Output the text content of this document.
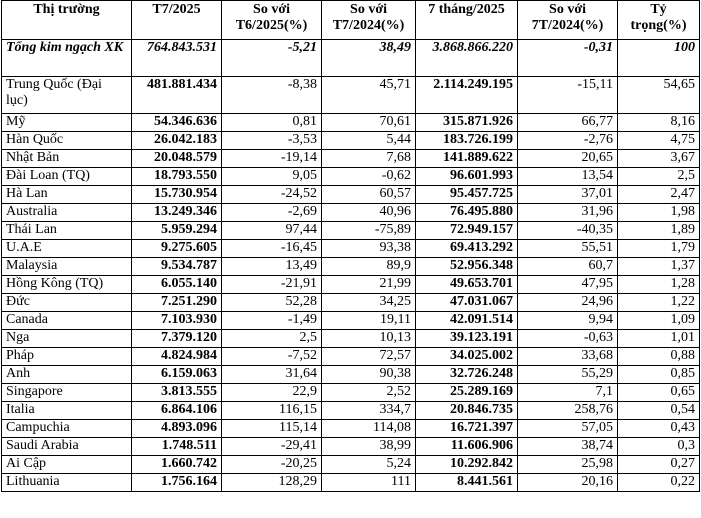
Thị trường	T7/2025	So với T6/2025(%)	So với T7/2024(%)	7 tháng/2025	So với 7T/2024(%)	Tỷ trọng(%)
Tổng kim ngạch XK	764.843.531	-5,21	38,49	3.868.866.220	-0,31	100
Trung Quốc (Đại lục)	481.881.434	-8,38	45,71	2.114.249.195	-15,11	54,65
Mỹ	54.346.636	0,81	70,61	315.871.926	66,77	8,16
Hàn Quốc	26.042.183	-3,53	5,44	183.726.199	-2,76	4,75
Nhật Bản	20.048.579	-19,14	7,68	141.889.622	20,65	3,67
Đài Loan (TQ)	18.793.550	9,05	-0,62	96.601.993	13,54	2,5
Hà Lan	15.730.954	-24,52	60,57	95.457.725	37,01	2,47
Australia	13.249.346	-2,69	40,96	76.495.880	31,96	1,98
Thái Lan	5.959.294	97,44	-75,89	72.949.157	-40,35	1,89
U.A.E	9.275.605	-16,45	93,38	69.413.292	55,51	1,79
Malaysia	9.534.787	13,49	89,9	52.956.348	60,7	1,37
Hồng Kông (TQ)	6.055.140	-21,91	21,99	49.653.701	47,95	1,28
Đức	7.251.290	52,28	34,25	47.031.067	24,96	1,22
Canada	7.103.930	-1,49	19,11	42.091.514	9,94	1,09
Nga	7.379.120	2,5	10,13	39.123.191	-0,63	1,01
Pháp	4.824.984	-7,52	72,57	34.025.002	33,68	0,88
Anh	6.159.063	31,64	90,38	32.726.248	55,29	0,85
Singapore	3.813.555	22,9	2,52	25.289.169	7,1	0,65
Italia	6.864.106	116,15	334,7	20.846.735	258,76	0,54
Campuchia	4.893.096	115,14	114,08	16.721.397	57,05	0,43
Saudi Arabia	1.748.511	-29,41	38,99	11.606.906	38,74	0,3
Ai Cập	1.660.742	-20,25	5,24	10.292.842	25,98	0,27
Lithuania	1.756.164	128,29	111	8.441.561	20,16	0,22
